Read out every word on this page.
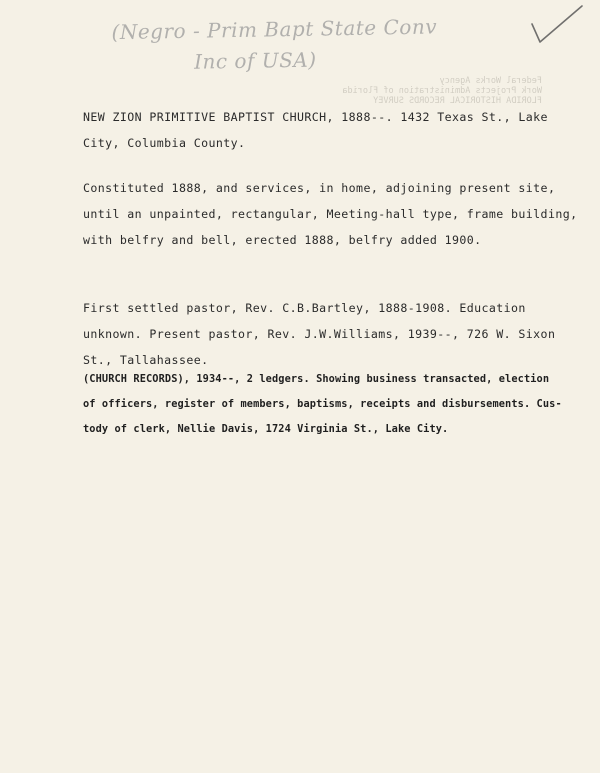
(Negro - Prim Bapt State Conv
Inc of USA)
Federal Works Agency
Work Projects Administration of Florida
FLORIDA HISTORICAL RECORDS SURVEY
NEW ZION PRIMITIVE BAPTIST CHURCH, 1888--. 1432 Texas St., Lake
City, Columbia County.
Constituted 1888, and services, in home, adjoining present site,
until an unpainted, rectangular, Meeting-hall type, frame building,
with belfry and bell, erected 1888, belfry added 1900.
First settled pastor, Rev. C.B.Bartley, 1888-1908. Education
unknown. Present pastor, Rev. J.W.Williams, 1939--, 726 W. Sixon
St., Tallahassee.
(CHURCH RECORDS), 1934--, 2 ledgers. Showing business transacted, election
of officers, register of members, baptisms, receipts and disbursements. Cus-
tody of clerk, Nellie Davis, 1724 Virginia St., Lake City.
